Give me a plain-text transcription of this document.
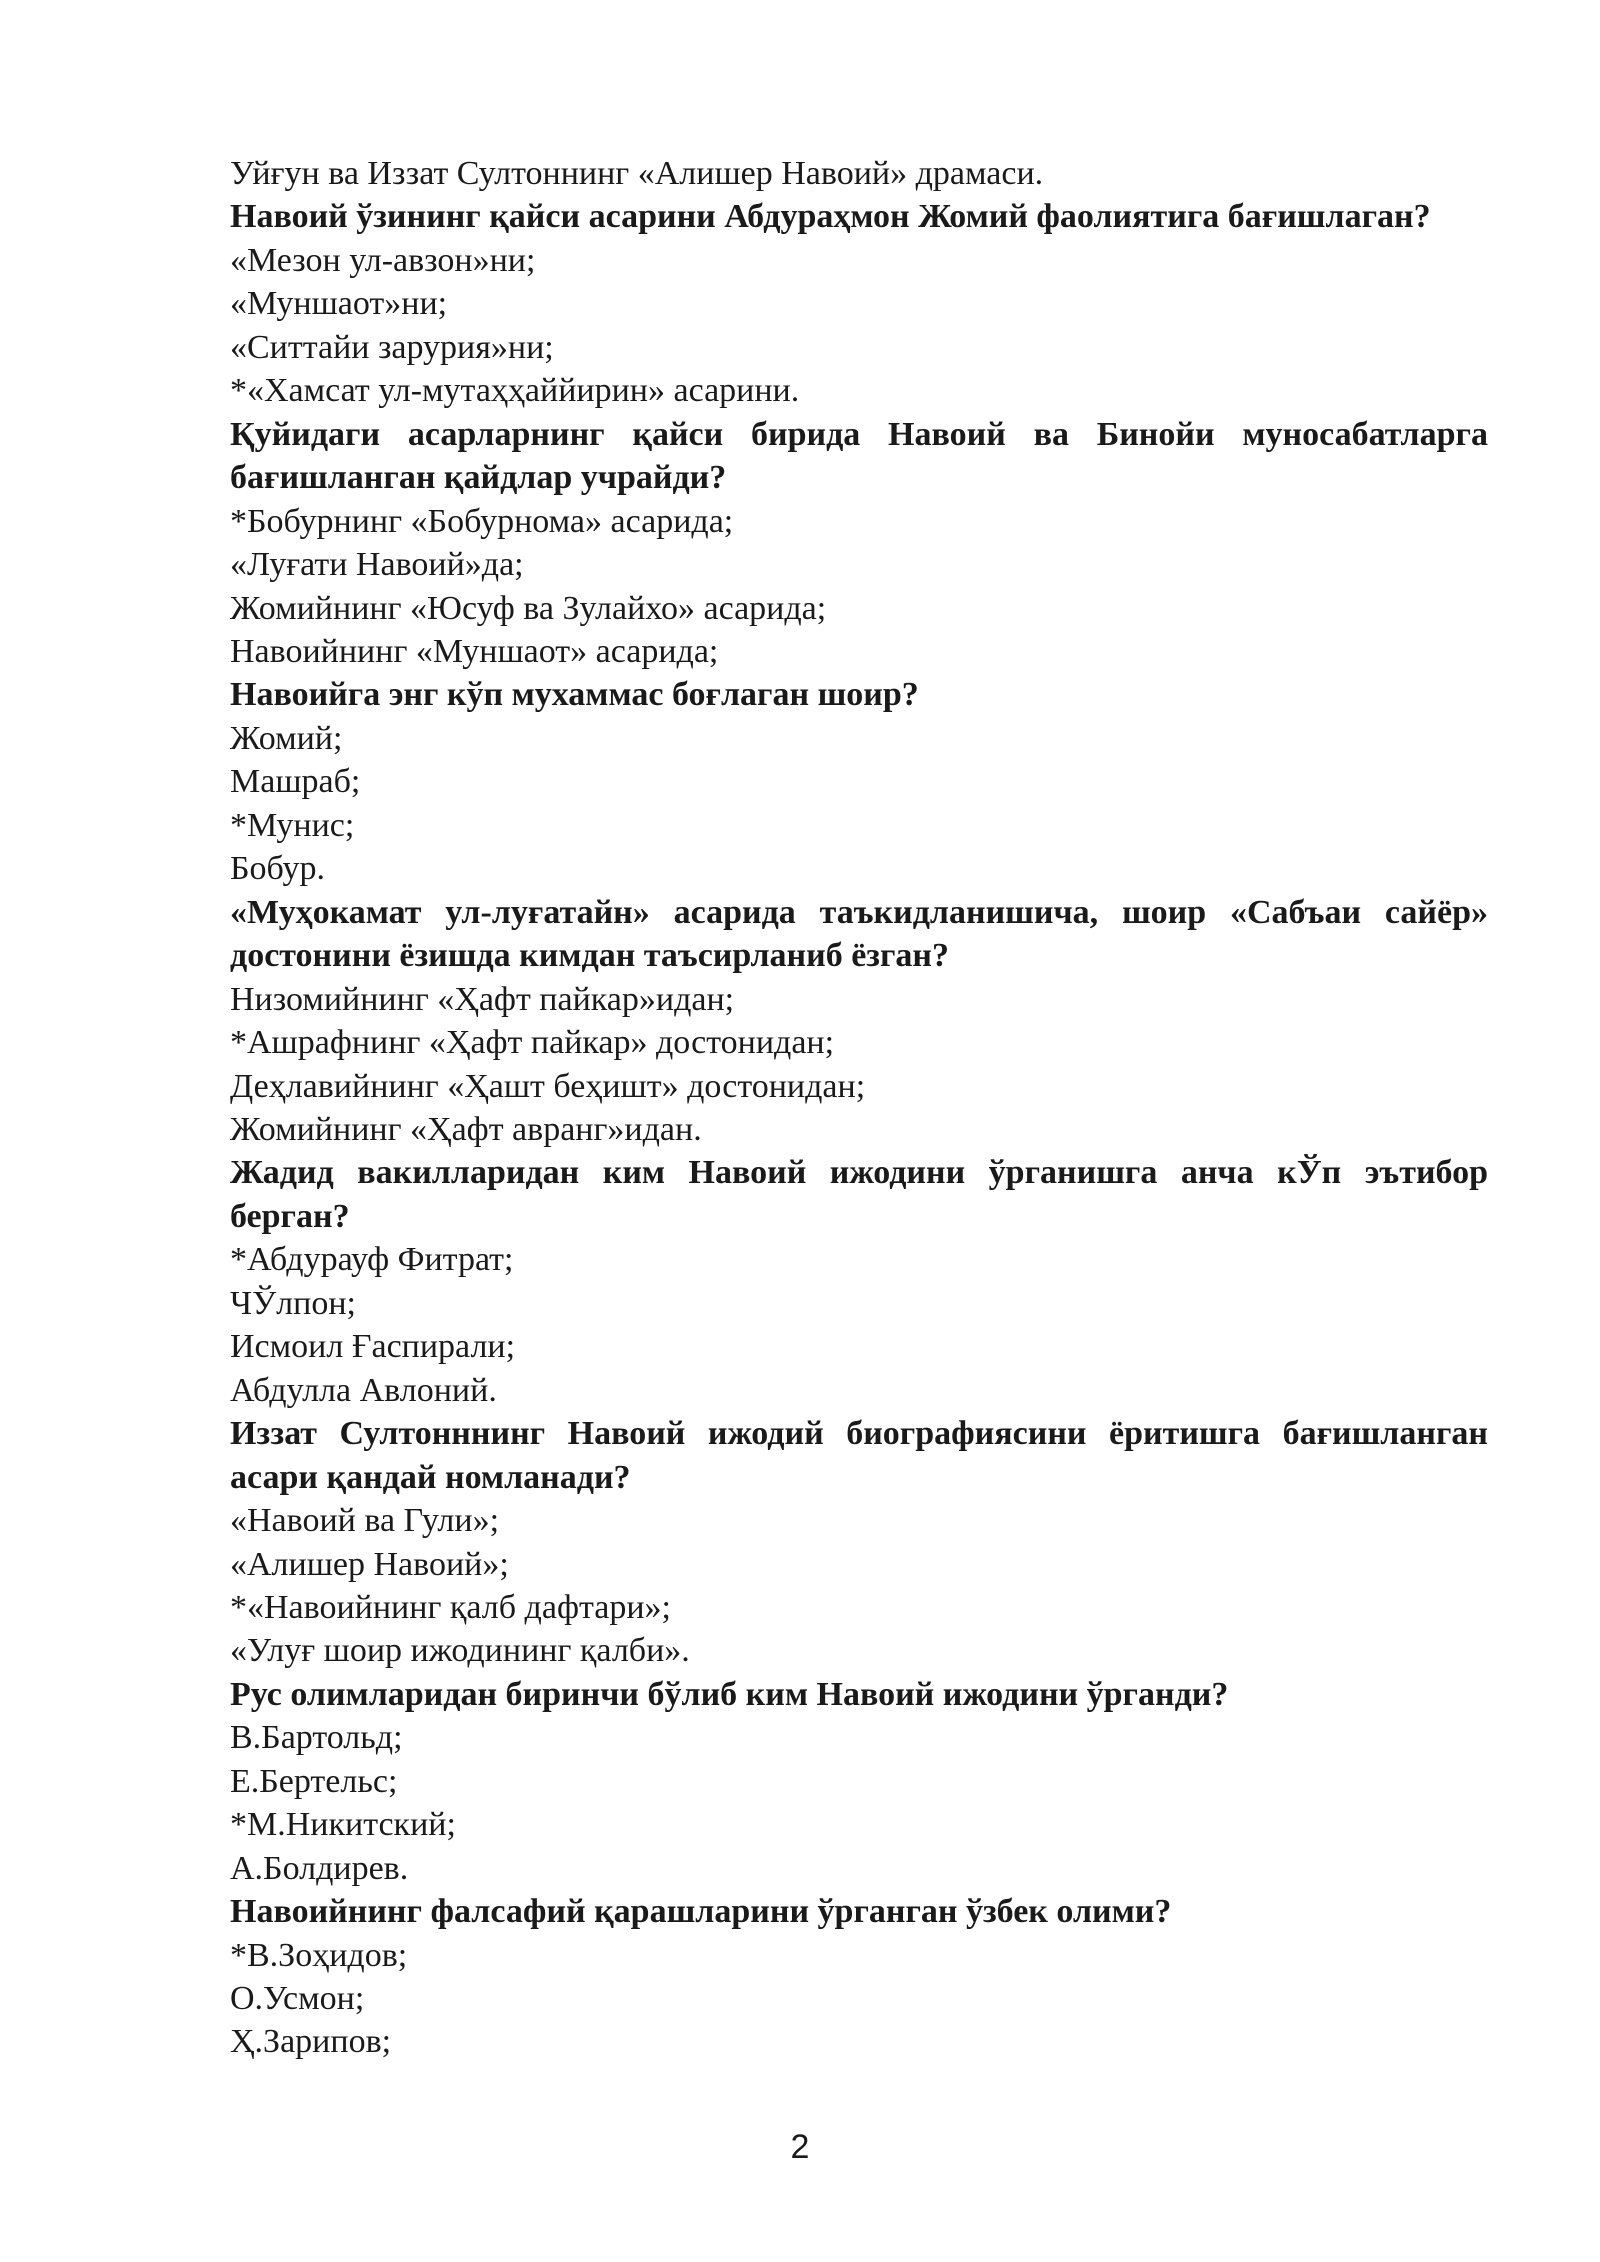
Уйғун ва Иззат Султоннинг «Алишер Навоий» драмаси.

Навоий ўзининг қайси асарини Абдураҳмон Жомий фаолиятига бағишлаган?

«Мезон ул-авзон»ни;

«Муншаот»ни;

«Ситтайи зарурия»ни;

*«Хамсат ул-мутаҳҳаййирин» асарини.

Қуйидаги асарларнинг қайси бирида Навоий ва Бинойи муносабатларга бағишланган қайдлар учрайди?

*Бобурнинг «Бобурнома» асарида;

«Луғати Навоий»да;

Жомийнинг «Юсуф ва Зулайхо» асарида;

Навоийнинг «Муншаот» асарида;

Навоийга энг кўп мухаммас боғлаган шоир?

Жомий;

Машраб;

*Мунис;

Бобур.

«Муҳокамат ул-луғатайн» асарида таъкидланишича, шоир «Сабъаи сайёр» достонини ёзишда кимдан таъсирланиб ёзган?

Низомийнинг «Ҳафт пайкар»идан;

*Ашрафнинг «Ҳафт пайкар» достонидан;

Деҳлавийнинг «Ҳашт беҳишт» достонидан;

Жомийнинг «Ҳафт авранг»идан.

Жадид вакилларидан ким Навоий ижодини ўрганишга анча кЎп эътибор берган?

*Абдурауф Фитрат;

ЧЎлпон;

Исмоил Ғаспирали;

Абдулла Авлоний.

Иззат Султонннинг Навоий ижодий биографиясини ёритишга бағишланган асари қандай номланади?

«Навоий ва Гули»;

«Алишер Навоий»;

*«Навоийнинг қалб дафтари»;

«Улуғ шоир ижодининг қалби».

Рус олимларидан биринчи бўлиб ким Навоий ижодини ўрганди?

В.Бартольд;

Е.Бертельс;

*М.Никитский;

А.Болдирев.

Навоийнинг фалсафий қарашларини ўрганган ўзбек олими?

*В.Зоҳидов;

О.Усмон;

Ҳ.Зарипов;

2
